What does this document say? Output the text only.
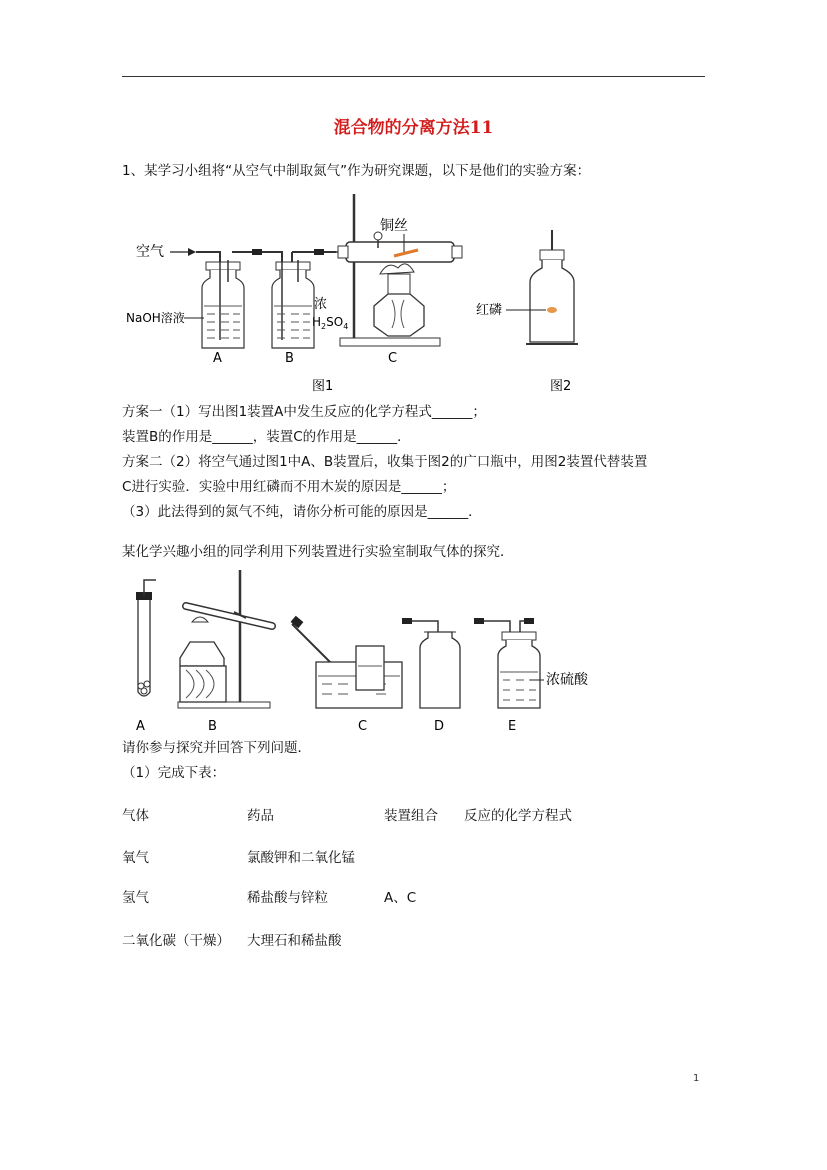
混合物的分离方法11
1、某学习小组将“从空气中制取氮气”作为研究课题，以下是他们的实验方案：
空气
NaOH溶液
浓
$H_2SO_4$
A	B
铜丝
C
图1
红磷
图2
方案一（1）写出图1装置A中发生反应的化学方程式______；
装置B的作用是______，装置C的作用是______．
方案二（2）将空气通过图1中A、B装置后，收集于图2的广口瓶中，用图2装置代替装置
C进行实验．实验中用红磷而不用木炭的原因是______；
（3）此法得到的氮气不纯，请你分析可能的原因是______．
某化学兴趣小组的同学利用下列装置进行实验室制取气体的探究．
A	B	C	D
浓硫酸
E
请你参与探究并回答下列问题．
（1）完成下表：
气体	药品	装置组合 反应的化学方程式
氧气	氯酸钾和二氧化锰
氢气	稀盐酸与锌粒	A、C
二氧化碳（干燥） 大理石和稀盐酸
1
